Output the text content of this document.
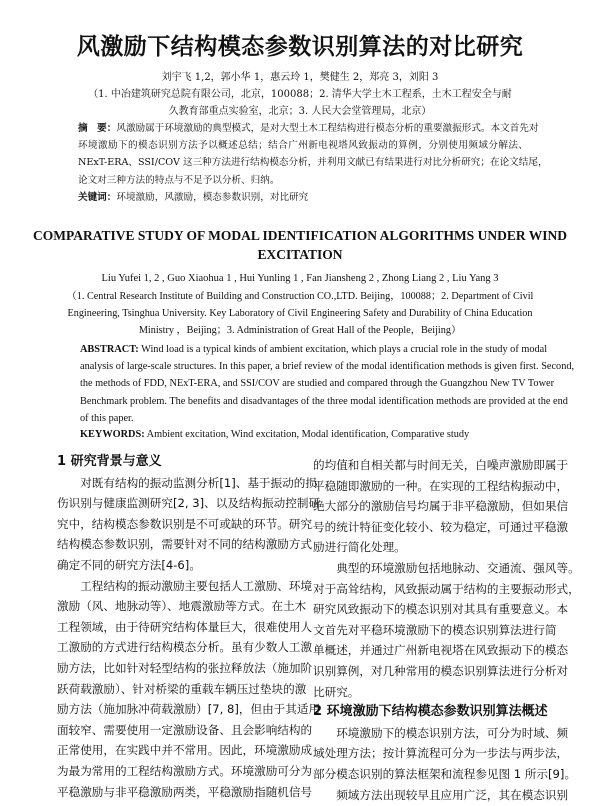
风激励下结构模态参数识别算法的对比研究
刘宇飞 1,2，郭小华 1，惠云玲 1，樊健生 2，郑亮 3，刘阳 3
（1. 中冶建筑研究总院有限公司，北京，100088；2. 清华大学土木工程系，土木工程安全与耐
久教育部重点实验室，北京；3. 人民大会堂管理局，北京）
摘　要：风激励属于环境激励的典型模式，是对大型土木工程结构进行模态分析的重要激振形式。本文首先对
环境激励下的模态识别方法予以概述总结；结合广州新电视塔风致振动的算例，分别使用频域分解法、
NExT-ERA、SSI/COV 这三种方法进行结构模态分析，并利用文献已有结果进行对比分析研究；在论文结尾，
论文对三种方法的特点与不足予以分析、归纳。
关键词：环境激励，风激励，模态参数识别，对比研究
COMPARATIVE STUDY OF MODAL IDENTIFICATION ALGORITHMS UNDER WIND
EXCITATION
Liu Yufei 1, 2 , Guo Xiaohua 1 , Hui Yunling 1 , Fan Jiansheng 2 , Zhong Liang 2 , Liu Yang 3
（1. Central Research Institute of Building and Construction CO.,LTD. Beijing，100088；2. Department of Civil
Engineering, Tsinghua University. Key Laboratory of Civil Engineering Safety and Durability of China Education
Ministry ，Beijing；3. Administration of Great Hall of the People，Beijing）
ABSTRACT: Wind load is a typical kinds of ambient excitation, which plays a crucial role in the study of modal
analysis of large-scale structures. In this paper, a brief review of the modal identification methods is given first. Second,
the methods of FDD, NExT-ERA, and SSI/COV are studied and compared through the Guangzhou New TV Tower
Benchmark problem. The benefits and disadvantages of the three modal identification methods are provided at the end
of this paper.
KEYWORDS: Ambient excitation, Wind excitation, Modal identification, Comparative study
1 研究背景与意义
对既有结构的振动监测分析[1]、基于振动的损
伤识别与健康监测研究[2, 3]、以及结构振动控制研
究中，结构模态参数识别是不可或缺的环节。研究
结构模态参数识别，需要针对不同的结构激励方式
确定不同的研究方法[4-6]。
工程结构的振动激励主要包括人工激励、环境
激励（风、地脉动等）、地震激励等方式。在土木
工程领域，由于待研究结构体量巨大，很难使用人
工激励的方式进行结构模态分析。虽有少数人工激
励方法，比如针对轻型结构的张拉释放法（施加阶
跃荷载激励）、针对桥梁的重载车辆压过垫块的激
励方法（施加脉冲荷载激励）[7, 8]，但由于其适用
面较窄、需要使用一定激励设备、且会影响结构的
正常使用，在实践中并不常用。因此，环境激励成
为最为常用的工程结构激励方式。环境激励可分为
平稳激励与非平稳激励两类，平稳激励指随机信号
的均值和自相关都与时间无关，白噪声激励即属于
平稳随即激励的一种。在实现的工程结构振动中，
绝大部分的激励信号均属于非平稳激励，但如果信
号的统计特征变化较小、较为稳定，可通过平稳激
励进行简化处理。
典型的环境激励包括地脉动、交通流、强风等。
对于高耸结构，风致振动属于结构的主要振动形式，
研究风致振动下的模态识别对其具有重要意义。本
文首先对平稳环境激励下的模态识别算法进行简
单概述，并通过广州新电视塔在风致振动下的模态
识别算例，对几种常用的模态识别算法进行分析对
比研究。
2 环境激励下结构模态参数识别算法概述
环境激励下的模态识别方法，可分为时域、频
域处理方法；按计算流程可分为一步法与两步法，
部分模态识别的算法框架和流程参见图 1 所示[9]。
频域方法出现较早且应用广泛，其在模态识别
